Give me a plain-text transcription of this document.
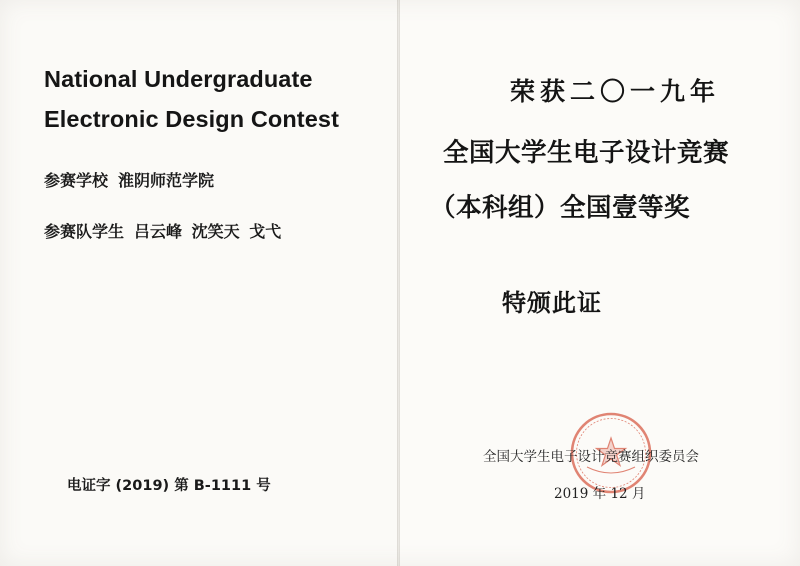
National Undergraduate
Electronic Design Contest
参赛学校 淮阴师范学院
参赛队学生 吕云峰 沈笑天 戈弋
电证字 (2019) 第 B-1111 号
荣获二〇一九年
全国大学生电子设计竞赛
（本科组）全国壹等奖
特颁此证
全国大学生电子设计竞赛组织委员会
2019 年 12 月
